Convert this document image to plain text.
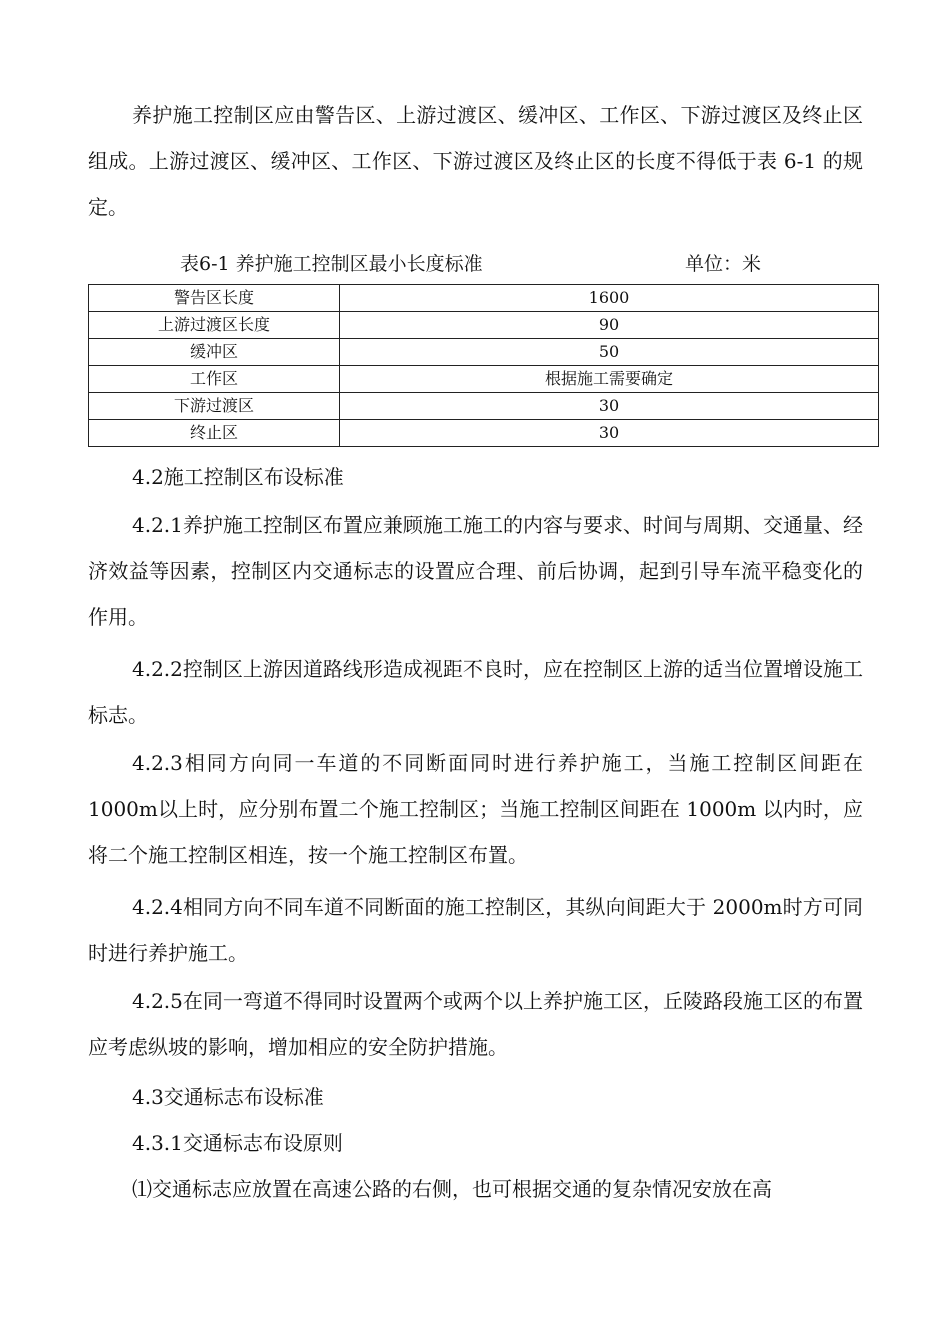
养护施工控制区应由警告区、上游过渡区、缓冲区、工作区、下游过渡区及终止区组成。上游过渡区、缓冲区、工作区、下游过渡区及终止区的长度不得低于表 6-1 的规定。

表6-1 养护施工控制区最小长度标准	单位：米
警告区长度	1600
上游过渡区长度	90
缓冲区	50
工作区	根据施工需要确定
下游过渡区	30
终止区	30

4.2施工控制区布设标准

4.2.1养护施工控制区布置应兼顾施工施工的内容与要求、时间与周期、交通量、经济效益等因素，控制区内交通标志的设置应合理、前后协调，起到引导车流平稳变化的作用。

4.2.2控制区上游因道路线形造成视距不良时，应在控制区上游的适当位置增设施工标志。

4.2.3相同方向同一车道的不同断面同时进行养护施工，当施工控制区间距在1000m以上时，应分别布置二个施工控制区；当施工控制区间距在 1000m 以内时，应将二个施工控制区相连，按一个施工控制区布置。

4.2.4相同方向不同车道不同断面的施工控制区，其纵向间距大于 2000m时方可同时进行养护施工。

4.2.5在同一弯道不得同时设置两个或两个以上养护施工区，丘陵路段施工区的布置应考虑纵坡的影响，增加相应的安全防护措施。

4.3交通标志布设标准

4.3.1交通标志布设原则

⑴交通标志应放置在高速公路的右侧，也可根据交通的复杂情况安放在高
